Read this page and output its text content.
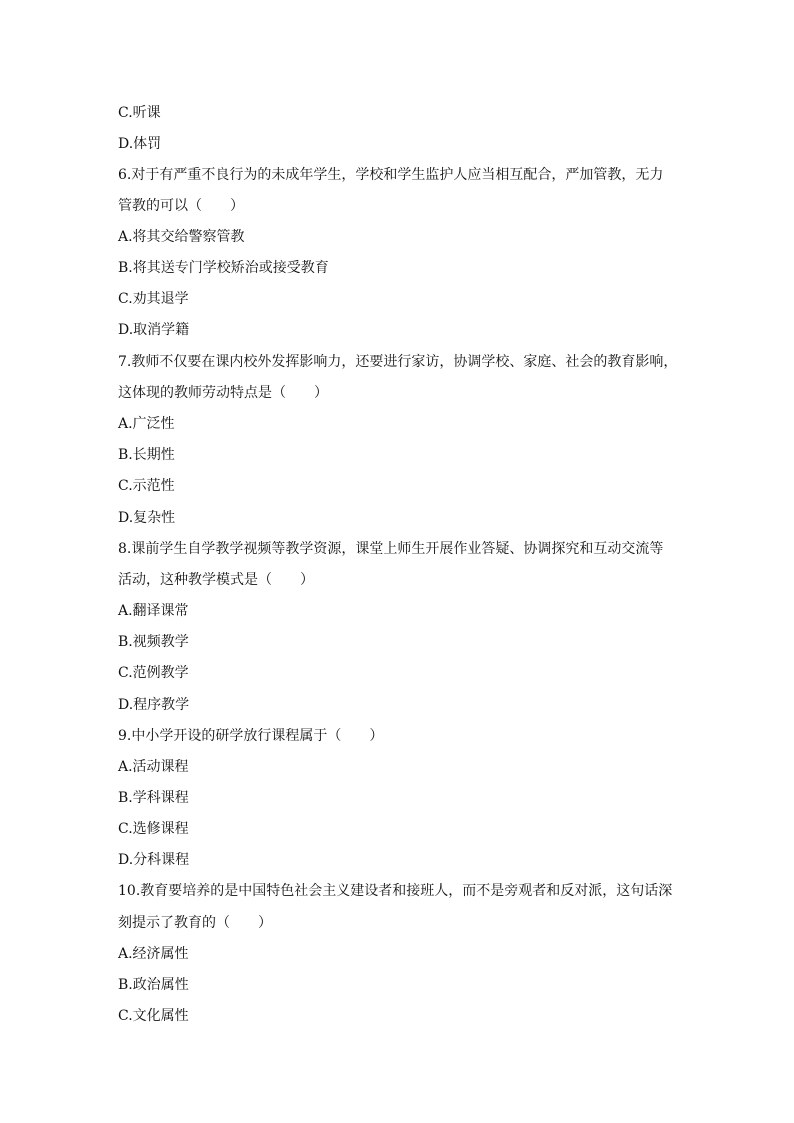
C.听课
D.体罚
6.对于有严重不良行为的未成年学生，学校和学生监护人应当相互配合，严加管教，无力
管教的可以（　　）
A.将其交给警察管教
B.将其送专门学校矫治或接受教育
C.劝其退学
D.取消学籍
7.教师不仅要在课内校外发挥影响力，还要进行家访，协调学校、家庭、社会的教育影响，
这体现的教师劳动特点是（　　）
A.广泛性
B.长期性
C.示范性
D.复杂性
8.课前学生自学教学视频等教学资源，课堂上师生开展作业答疑、协调探究和互动交流等
活动，这种教学模式是（　　）
A.翻译课常
B.视频教学
C.范例教学
D.程序教学
9.中小学开设的研学放行课程属于（　　）
A.活动课程
B.学科课程
C.选修课程
D.分科课程
10.教育要培养的是中国特色社会主义建设者和接班人，而不是旁观者和反对派，这句话深
刻提示了教育的（　　）
A.经济属性
B.政治属性
C.文化属性
